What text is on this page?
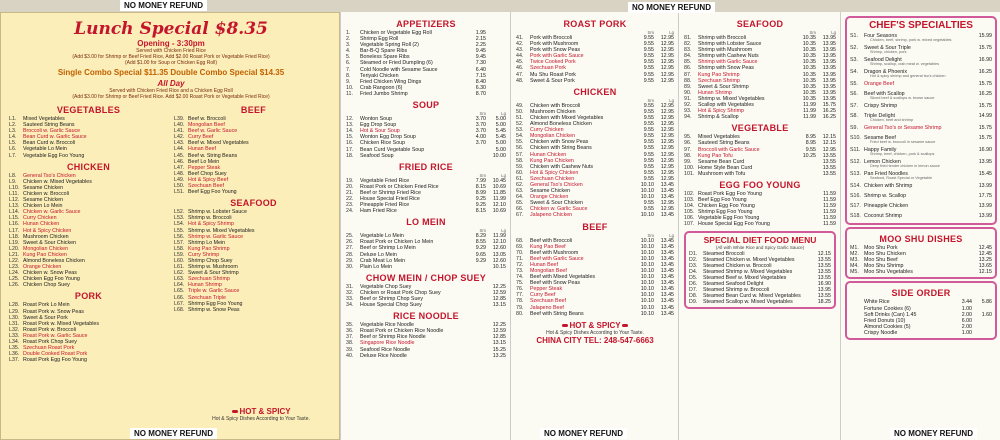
NO MONEY REFUND	NO MONEY REFUND
NO MONEY REFUND	NO MONEY REFUND	NO MONEY REFUND
Lunch Special $8.35
Opening - 3:30pm
Served with Chicken Fried Rice
(Add $3.00 for Shrimp or Beef Fried Rice, Add $2.00 Roast Pork or Vegetable Fried Rice)
(Add $1.00 for Soup or Chicken Egg Roll)
Single Combo Special $11.35 Double Combo Special $14.35
All Day
Served with Chicken Fried Rice and a Chicken Egg Roll
(Add $3.00 for Shrimp or Beef Fried Rice. Add $2.00 Roast Pork or Vegetable Fried Rice)
VEGETABLES
L1.	Mixed Vegetables
L2.	Sauteed String Beans
L3.	Broccoli w. Garlic Sauce
L4.	Bean Curd w. Garlic Sauce
L5.	Bean Curd w. Broccoli
L6.	Vegetable Lo Mein
L7.	Vegetable Egg Foo Young
CHICKEN
L8.	General Tso's Chicken
L9.	Chicken w. Mixed Vegetables
L10. Sesame Chicken
L11. Chicken w. Broccoli
L12. Sesame Chicken
L13. Chicken Lo Mein
L14. Chicken w. Garlic Sauce
L15. Curry Chicken
L16. Hunan Chicken
L17. Hot & Spicy Chicken
L18. Mushroom Chicken
L19. Sweet & Sour Chicken
L20. Mongolian Chicken
L21. Kung Pao Chicken
L22. Almond Boneless Chicken
L23. Orange Chicken
L24. Chicken w. Snow Peas
L25. Chicken Egg Foo Young
L26. Chicken Chop Suey
PORK
L28. Roast Pork Lo Mein
L29. Roast Pork w. Snow Peas
L30. Sweet & Sour Pork
L31. Roast Pork w. Mixed Vegetables
L32. Roast Pork w. Broccoli
L33. Roast Pork w. Garlic Sauce
L34. Roast Pork Chop Suey
L35. Szechuan Roast Pork
L36. Double Cooked Roast Pork
L37. Roast Pork Egg Foo Young
BEEF
L39. Beef w. Broccoli
L40. Mongolian Beef
L41. Beef w. Garlic Sauce
L42. Curry Beef
L43. Beef w. Mixed Vegetables
L44. Hunan Beef
L45. Beef w. String Beans
L46. Beef Lo Mein
L47. Pepper Steak
L48. Beef Chop Suey
L49. Hot & Spicy Beef
L50. Szechuan Beef
L51. Beef Egg Foo Young
SEAFOOD
L52. Shrimp w. Lobster Sauce
L53. Shrimp w. Broccoli
L54. Hot & Spicy Shrimp
L55. Shrimp w. Mixed Vegetables
L56. Shrimp w. Garlic Sauce
L57. Shrimp Lo Mein
L58. Kung Pao Shrimp
L59. Curry Shrimp
L60. Shrimp Chop Suey
L61. Shrimp w. Mushroom
L62. Sweet & Sour Shrimp
L63. Szechuan Shrimp
L64. Hunan Shrimp
L65. Triple w. Garlic Sauce
L66. Szechuan Triple
L67. Shrimp Egg Foo Young
L68. Shrimp w. Snow Peas
HOT & SPICY
Hot & Spicy Dishes According to Your Taste.
APPETIZERS
1.	Chicken or Vegetable Egg Roll	1.95
2.	Shrimp Egg Roll	2.15
3.	Vegetable Spring Roll (2)	2.25
4.	Bar-B-Q Spare Ribs	9.45
5.	Boneless Spare Ribs	9.45
6.	Steamed or Fried Dumpling (6)	7.30
7.	Cold Noodle with Sesame Sauce	6.40
8.	Teriyaki Chicken	7.15
9.	Fried Chicken Wing Dings	8.40
10.	Crab Rangoon (6)	6.30
11.	Fried Jumbo Shrimp	8.70
SOUP
Sm	Lg
12.	Wonton Soup	3.70	5.00
13.	Egg Drop Soup	3.70	5.00
14.	Hot & Sour Soup	3.70	5.45
15.	Wonton Egg Drop Soup	4.00	5.45
16.	Chicken Rice Soup	3.70	5.00
17.	Bean Curd Vegetable Soup	5.00
18.	Seafood Soup	10.00
FRIED RICE
Sm	Lg
19.	Vegetable Fried Rice	7.99	10.45
20.	Roast Pork or Chicken Fried Rice	8.15	10.69
21.	Beef or Shrimp Fried Rice	8.99	11.85
22.	House Special Fried Rice	9.25	11.99
23.	Pineapple Fried Rice	9.25	12.10
24.	Ham Fried Rice	8.15	10.69
LO MEIN
Sm	Lg
25.	Vegetable Lo Mein	8.29	11.99
26.	Roast Pork or Chicken Lo Mein	8.55	12.10
27.	Beef or Shrimp Lo Mein	9.29	12.60
28.	Deluxe Lo Mein	9.65	13.05
29.	Crab Meat Lo Mein	9.29	12.60
30.	Plain Lo Mein	10.15
CHOW MEIN / CHOP SUEY
31.	Vegetable Chop Suey	12.25
32.	Chicken or Roast Pork Chop Suey	12.59
33.	Beef or Shrimp Chop Suey	12.85
34.	House Special Chop Suey	13.15
RICE NOODLE
35.	Vegetable Rice Noodle	12.25
36.	Roast Pork or Chicken Rice Noodle	12.59
37.	Beef or Shrimp Rice Noodle	12.85
38.	Singapore Rice Noodle	13.15
39.	Seafood Rice Noodle	15.25
40.	Deluxe Rice Noodle	13.25
ROAST PORK
Sm	Lg
41.	Pork with Broccoli	9.55	12.95
42.	Pork with Mushroom	9.55	12.95
43.	Pork with Snow Peas	9.55	12.95
44.	Pork with Garlic Sauce	9.55	12.95
45.	Twice Cooked Pork	9.55	12.95
46.	Szechuan Pork	9.55	12.95
47.	Mu Shu Roast Pork	9.55	12.95
48.	Sweet & Sour Pork	9.55	12.95
CHICKEN
Sm	Lg
49.	Chicken with Broccoli	9.55	12.95
50.	Mushroom Chicken	9.55	12.95
51.	Chicken with Mixed Vegetables	9.55	12.95
52.	Almond Boneless Chicken	9.55	12.95
53.	Curry Chicken	9.55	12.95
54.	Mongolian Chicken	9.55	12.95
55.	Chicken with Snow Peas	9.55	12.95
56.	Chicken with String Beans	9.55	12.95
57.	Hunan Chicken	9.55	12.95
58.	Kung Pao Chicken	9.55	12.95
59.	Chicken with Cashew Nuts	9.55	12.95
60.	Hot & Spicy Chicken	9.55	12.95
61.	Szechuan Chicken	9.55	12.95
62.	General Tso's Chicken	10.10	13.45
63.	Sesame Chicken	10.10	13.45
64.	Orange Chicken	10.10	13.45
65.	Sweet & Sour Chicken	9.55	12.95
66.	Chicken w. Garlic Sauce	9.55	12.95
67.	Jalapeno Chicken	10.10	13.45
BEEF
Sm	Lg
68.	Beef with Broccoli	10.10	13.45
69.	Kung Pao Beef	10.10	13.45
70.	Beef with Mushroom	10.10	13.45
71.	Beef with Garlic Sauce	10.10	13.45
72.	Hunan Beef	10.10	13.45
73.	Mongolian Beef	10.10	13.45
74.	Beef with Mixed Vegetables	10.10	13.45
75.	Beef with Snow Peas	10.10	13.45
76.	Pepper Steak	10.10	13.45
77.	Curry Beef	10.10	13.45
78.	Szechuan Beef	10.10	13.45
79.	Jalapeno Beef	10.10	13.45
80.	Beef with String Beans	10.10	13.45
HOT & SPICY
Hot & Spicy Dishes According to Your Taste.
CHINA CITY TEL: 248-547-6663
SEAFOOD
Sm	Lg
81.	Shrimp with Broccoli	10.35	13.95
82.	Shrimp with Lobster Sauce	10.35	13.95
83.	Shrimp with Mushroom	10.35	13.95
84.	Shrimp with Cashew Nuts	10.35	13.95
85.	Shrimp with Garlic Sauce	10.35	13.95
86.	Shrimp with Snow Peas	10.35	13.95
87.	Kung Pao Shrimp	10.35	13.95
88.	Szechuan Shrimp	10.35	13.95
89.	Sweet & Sour Shrimp	10.35	13.95
90.	Hunan Shrimp	10.35	13.95
91.	Shrimp w. Mixed Vegetables	10.35	13.95
92.	Scallop with Vegetables	11.99	15.75
93.	Hot & Spicy Shrimp	11.99	16.25
94.	Shrimp & Scallop	11.99	16.25
VEGETABLE
95.	Mixed Vegetables	8.95	12.15
96.	Sauteed String Beans	8.95	12.15
97.	Broccoli with Garlic Sauce	9.55	12.95
98.	Kung Pao Tofu	10.25	13.55
99.	Sesame Bean Curd	13.55
100. Home Style Bean Curd	13.55
101. Mushroom with Tofu	13.55
EGG FOO YOUNG
102. Roast Pork Egg Foo Young	11.59
103. Beef Egg Foo Young	11.59
104. Chicken Egg Foo Young	11.59
105. Shrimp Egg Foo Young	11.59
106. Vegetable Egg Foo Young	11.59
107. House Special Egg Foo Young	11.59
SPECIAL DIET FOOD MENU
(All with White Rice and Spicy Garlic Sauce)
D1.	Steamed Broccoli	12.15
D2.	Steamed Chicken w. Mixed Vegetables	13.55
D3.	Steamed Chicken w. Broccoli	13.55
D4.	Steamed Shrimp w. Mixed Vegetables	13.55
D5.	Steamed Beef w. Mixed Vegetables	13.55
D6.	Steamed Seafood Delight	16.90
D7.	Steamed Shrimp w. Broccoli	13.95
D8.	Steamed Bean Curd w. Mixed Vegetables	13.55
D9.	Steamed Scallop w. Mixed Vegetables	18.25
CHEF'S SPECIALTIES
S1.	Four Seasons	15.99
Chicken, beef, shrimp, pork w. mixed vegetables
S2.	Sweet & Sour Triple	15.75
Shrimp, chicken, pork
S3.	Seafood Delight	16.90
Shrimp, scallop, crab meat w. vegetables
S4.	Dragon & Phoenix	16.25
Hot & spicy shrimp and general tso's chicken
S5.	Orange Beef	15.75
S6.	Beef with Scallop	16.25
Sliced beef & scallops w. brown sauce
S7.	Crispy Shrimp	15.75
S8.	Triple Delight	14.99
Chicken, beef and shrimp
S9.	General Tso's or Sesame Shrimp	15.75
S10. Sesame Beef	15.75
Fried beef w. broccoli in sesame sauce
S11. Happy Family	16.90
Shrimp, beef, chicken, pork & scallops
S12. Lemon Chicken	13.95
Deep fried tender chicken in lemon sauce
S13. Pan Fried Noodles	15.45
Seafood, Roast Special or Vegetable
S14. Chicken with Shrimp	13.99
S16. Shrimp w. Scallop	17.75
S17. Pineapple Chicken	13.99
S18. Coconut Shrimp	13.99
MOO SHU DISHES
M1. Moo Shu Pork	12.45
M2. Moo Shu Chicken	12.45
M3. Moo Shu Beef	13.25
M4. Moo Shu Shrimp	13.65
M5. Moo Shu Vegetables	12.15
SIDE ORDER
White Rice	3.44	5.86
Fortune Cookies (6)	1.00
Soft Drinks (Can) 1.45	2.00	1.60
Fried Donuts (10)	6.00
Almond Cookies (5)	2.00
Crispy Noodle	1.00
